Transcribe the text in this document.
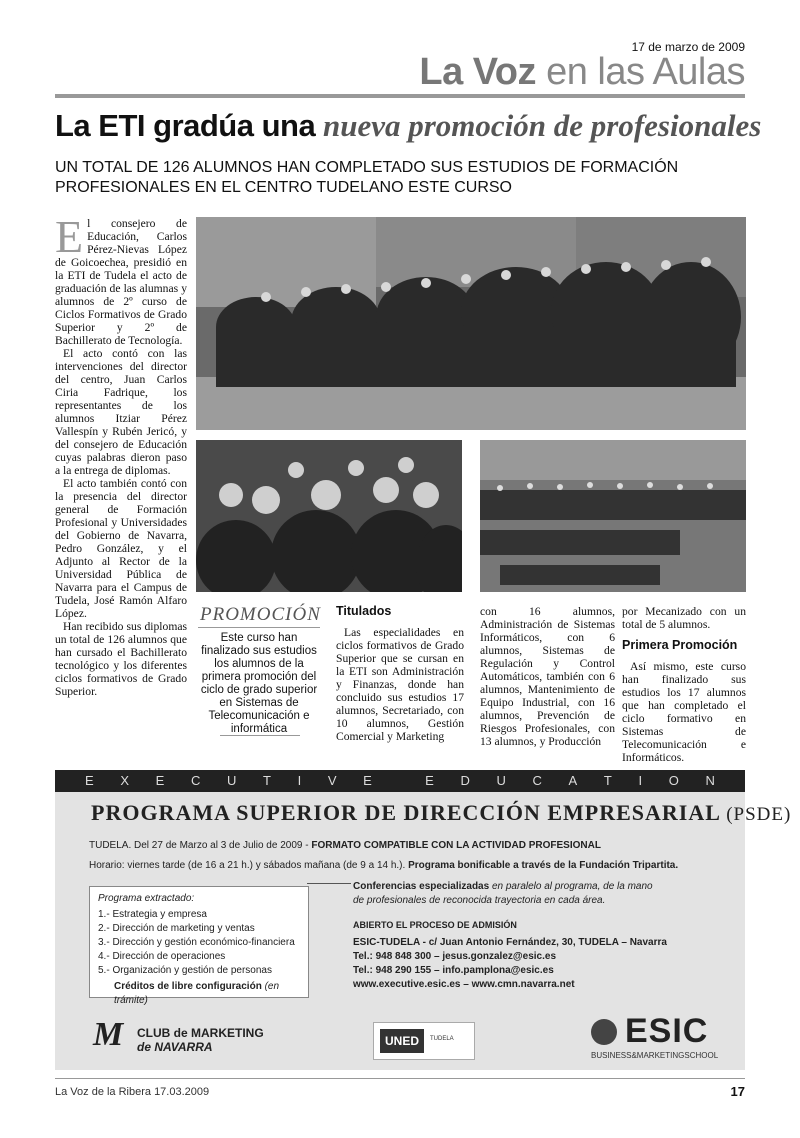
17 de marzo de 2009
La Voz en las Aulas
La ETI gradúa una nueva promoción de profesionales
UN TOTAL DE 126 ALUMNOS HAN COMPLETADO SUS ESTUDIOS DE FORMACIÓN PROFESIONALES EN EL CENTRO TUDELANO ESTE CURSO
E l consejero de Educación, Carlos Pérez-Nievas López de Goicoechea, presidió en la ETI de Tudela el acto de graduación de las alumnas y alumnos de 2º curso de Ciclos Formativos de Grado Superior y 2º de Bachillerato de Tecnología.

El acto contó con las intervenciones del director del centro, Juan Carlos Ciria Fadrique, los representantes de los alumnos Itziar Pérez Vallespín y Rubén Jericó, y del consejero de Educación cuyas palabras dieron paso a la entrega de diplomas.

El acto también contó con la presencia del director general de Formación Profesional y Universidades del Gobierno de Navarra, Pedro González, y el Adjunto al Rector de la Universidad Pública de Navarra para el Campus de Tudela, José Ramón Alfaro López.

Han recibido sus diplomas un total de 126 alumnos que han cursado el Bachillerato tecnológico y los diferentes ciclos formativos de Grado Superior.

PROMOCIÓN
Este curso han finalizado sus estudios los alumnos de la primera promoción del ciclo de grado superior en Sistemas de Telecomunicación e informática
Titulados

Las especialidades en ciclos formativos de Grado Superior que se cursan en la ETI son Administración y Finanzas, donde han concluido sus estudios 17 alumnos, Secretariado, con 10 alumnos, Gestión Comercial y Marketing

con 16 alumnos, Administración de Sistemas Informáticos, con 6 alumnos, Sistemas de Regulación y Control Automáticos, también con 6 alumnos, Mantenimiento de Equipo Industrial, con 16 alumnos, Prevención de Riesgos Profesionales, con 13 alumnos, y Producción

por Mecanizado con un total de 5 alumnos.

Primera Promoción

Así mismo, este curso han finalizado sus estudios los 17 alumnos que han completado el ciclo formativo en Sistemas de Telecomunicación e Informáticos.

E X E C U T I V E	E D U C A T I O N
PROGRAMA SUPERIOR DE DIRECCIÓN EMPRESARIAL (PSDE)
TUDELA. Del 27 de Marzo al 3 de Julio de 2009 - FORMATO COMPATIBLE CON LA ACTIVIDAD PROFESIONAL
Horario: viernes tarde (de 16 a 21 h.) y sábados mañana (de 9 a 14 h.). Programa bonificable a través de la Fundación Tripartita.
Programa extractado:
1.- Estrategia y empresa
2.- Dirección de marketing y ventas
3.- Dirección y gestión económico-financiera
4.- Dirección de operaciones
5.- Organización y gestión de personas
Créditos de libre configuración (en trámite)
Conferencias especializadas en paralelo al programa, de la mano
de profesionales de reconocida trayectoria en cada área.
ABIERTO EL PROCESO DE ADMISIÓN
ESIC-TUDELA - c/ Juan Antonio Fernández, 30, TUDELA – Navarra
Tel.: 948 848 300 – jesus.gonzalez@esic.es
Tel.: 948 290 155 – info.pamplona@esic.es
www.executive.esic.es – www.cmn.navarra.net
M CLUB de MARKETING
de NAVARRA	UNED	TUDELA	ESIC
BUSINESS&MARKETINGSCHOOL
La Voz de la Ribera 17.03.2009	17
